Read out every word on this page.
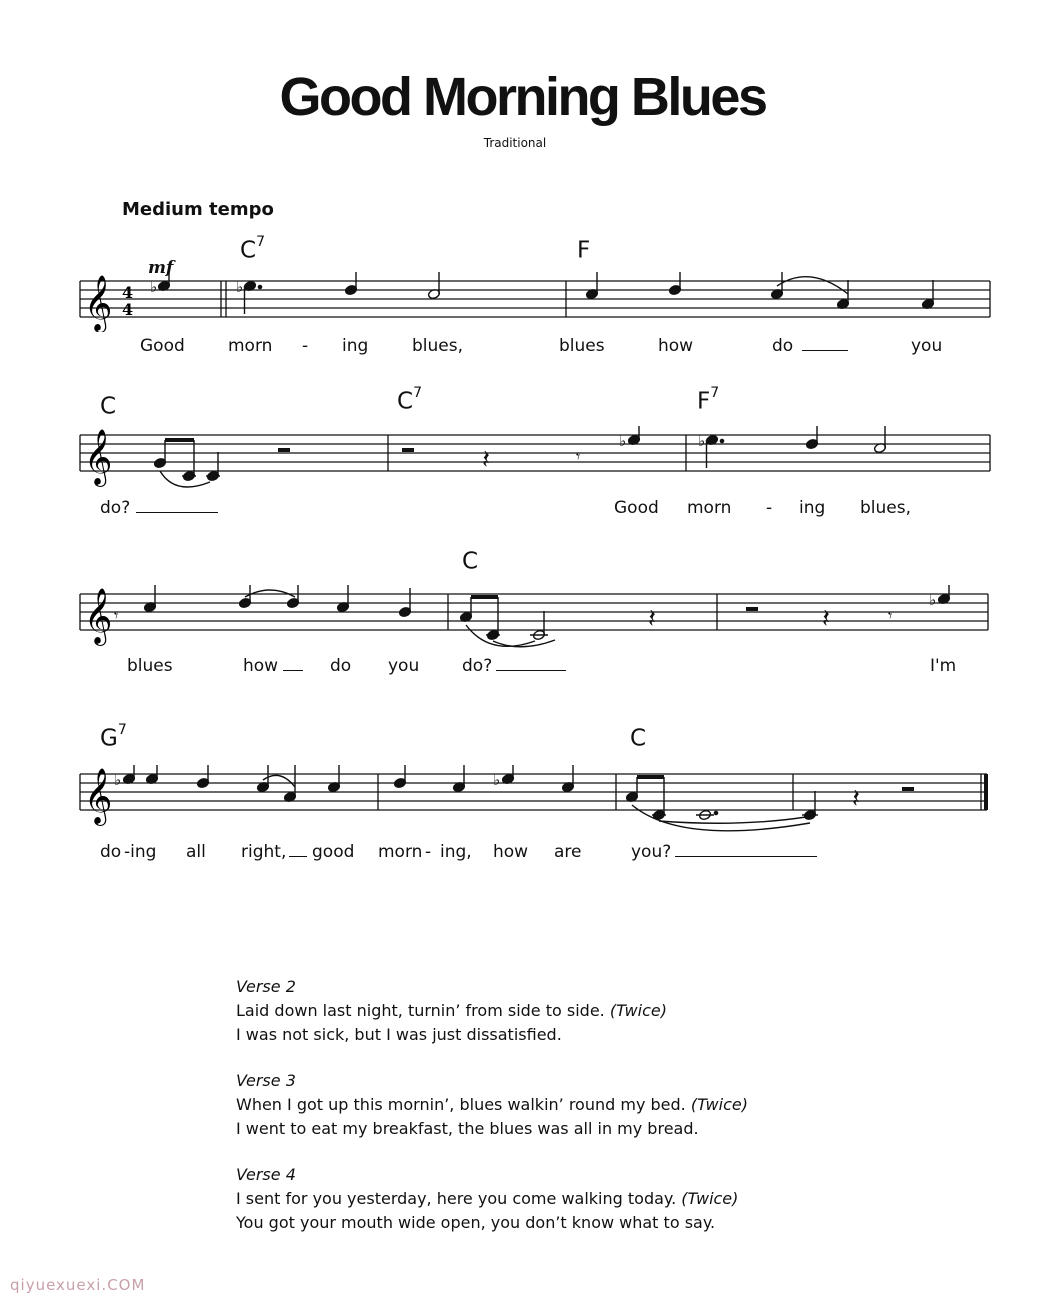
Good Morning Blues
Traditional
Medium tempo
mf
$C^7$	F
𝄞 4
4
♭	♭
Good	morn - ing	blues,	blues	how	do	you
C	$C^7$	$F^7$
𝄞	𝄽	𝄾
♭	♭
do?	Good morn - ing blues,
C
𝄞 𝄾	𝄽	𝄽	𝄾
♭
blues	how	do you	do?	I'm
$G^7$	C
𝄞 ♭	♭
𝄽
do -ing all right, good morn - ing, how are	you?
Verse 2
Laid down last night, turnin’ from side to side. (Twice)
I was not sick, but I was just dissatisfied.
Verse 3
When I got up this mornin’, blues walkin’ round my bed. (Twice)
I went to eat my breakfast, the blues was all in my bread.
Verse 4
I sent for you yesterday, here you come walking today. (Twice)
You got your mouth wide open, you don’t know what to say.
qiyuexuexi.COM
